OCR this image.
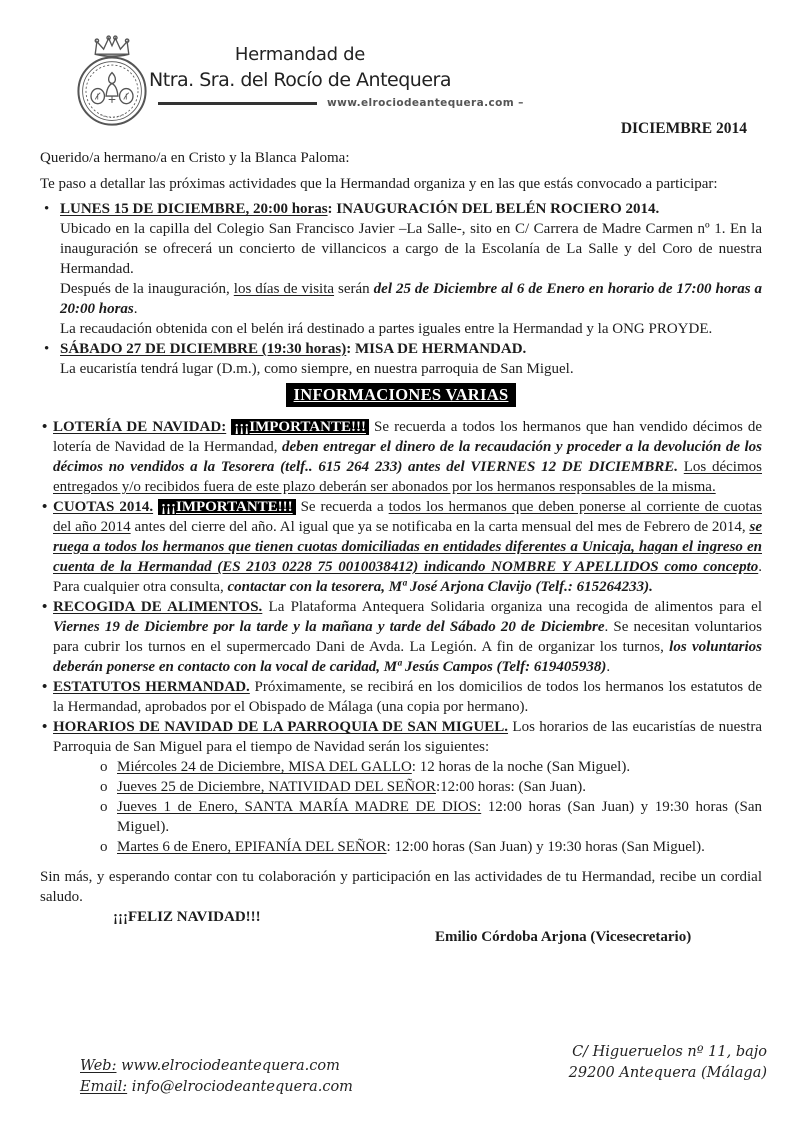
Hermandad de
Ntra. Sra. del Rocío de Antequera
www.elrociodeantequera.com –
DICIEMBRE 2014

Querido/a hermano/a en Cristo y la Blanca Paloma:

Te paso a detallar las próximas actividades que la Hermandad organiza y en las que estás convocado a participar:

• LUNES 15 DE DICIEMBRE, 20:00 horas: INAUGURACIÓN DEL BELÉN ROCIERO 2014.

Ubicado en la capilla del Colegio San Francisco Javier –La Salle-, sito en C/ Carrera de Madre Carmen nº 1. En la inauguración se ofrecerá un concierto de villancicos a cargo de la Escolanía de La Salle y del Coro de nuestra Hermandad.

Después de la inauguración, los días de visita serán del 25 de Diciembre al 6 de Enero en horario de 17:00 horas a 20:00 horas.

La recaudación obtenida con el belén irá destinado a partes iguales entre la Hermandad y la ONG PROYDE.

• SÁBADO 27 DE DICIEMBRE (19:30 horas): MISA DE HERMANDAD.

La eucaristía tendrá lugar (D.m.), como siempre, en nuestra parroquia de San Miguel.

INFORMACIONES VARIAS
• LOTERÍA DE NAVIDAD: ¡¡¡IMPORTANTE!!! Se recuerda a todos los hermanos que han vendido décimos de lotería de Navidad de la Hermandad, deben entregar el dinero de la recaudación y proceder a la devolución de los décimos no vendidos a la Tesorera (telf.. 615 264 233) antes del VIERNES 12 DE DICIEMBRE. Los décimos entregados y/o recibidos fuera de este plazo deberán ser abonados por los hermanos responsables de la misma.

• CUOTAS 2014. ¡¡¡IMPORTANTE!!! Se recuerda a todos los hermanos que deben ponerse al corriente de cuotas del año 2014 antes del cierre del año. Al igual que ya se notificaba en la carta mensual del mes de Febrero de 2014, se ruega a todos los hermanos que tienen cuotas domiciliadas en entidades diferentes a Unicaja, hagan el ingreso en cuenta de la Hermandad (ES 2103 0228 75 0010038412) indicando NOMBRE Y APELLIDOS como concepto. Para cualquier otra consulta, contactar con la tesorera, Mª José Arjona Clavijo (Telf.: 615264233).

• RECOGIDA DE ALIMENTOS. La Plataforma Antequera Solidaria organiza una recogida de alimentos para el Viernes 19 de Diciembre por la tarde y la mañana y tarde del Sábado 20 de Diciembre. Se necesitan voluntarios para cubrir los turnos en el supermercado Dani de Avda. La Legión. A fin de organizar los turnos, los voluntarios deberán ponerse en contacto con la vocal de caridad, Mª Jesús Campos (Telf: 619405938).

• ESTATUTOS HERMANDAD. Próximamente, se recibirá en los domicilios de todos los hermanos los estatutos de la Hermandad, aprobados por el Obispado de Málaga (una copia por hermano).

• HORARIOS DE NAVIDAD DE LA PARROQUIA DE SAN MIGUEL. Los horarios de las eucaristías de nuestra Parroquia de San Miguel para el tiempo de Navidad serán los siguientes:

o Miércoles 24 de Diciembre, MISA DEL GALLO: 12 horas de la noche (San Miguel).

o Jueves 25 de Diciembre, NATIVIDAD DEL SEÑOR:12:00 horas: (San Juan).

o Jueves 1 de Enero, SANTA MARÍA MADRE DE DIOS: 12:00 horas (San Juan) y 19:30 horas (San Miguel).

o Martes 6 de Enero, EPIFANÍA DEL SEÑOR: 12:00 horas (San Juan) y 19:30 horas (San Miguel).

Sin más, y esperando contar con tu colaboración y participación en las actividades de tu Hermandad, recibe un cordial saludo.

¡¡¡FELIZ NAVIDAD!!!

Emilio Córdoba Arjona (Vicesecretario)

Web: www.elrociodeantequera.com
Email: info@elrociodeantequera.com
C/ Higueruelos nº 11, bajo
29200 Antequera (Málaga)
